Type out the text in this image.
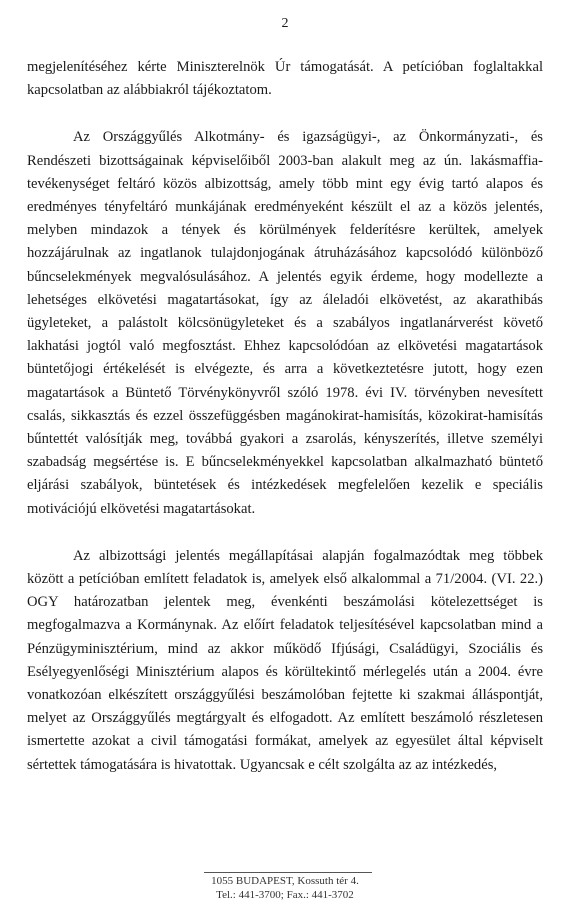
2

megjelenítéséhez kérte Miniszterelnök Úr támogatását. A petícióban foglaltakkal kapcsolatban az alábbiakról tájékoztatom.

Az Országgyűlés Alkotmány- és igazságügyi-, az Önkormányzati-, és Rendészeti bizottságainak képviselőiből 2003-ban alakult meg az ún. lakásmaffia-tevékenységet feltáró közös albizottság, amely több mint egy évig tartó alapos és eredményes tényfeltáró munkájának eredményeként készült el az a közös jelentés, melyben mindazok a tények és körülmények felderítésre kerültek, amelyek hozzájárulnak az ingatlanok tulajdonjogának átruházásához kapcsolódó különböző bűncselekmények megvalósulásához. A jelentés egyik érdeme, hogy modellezte a lehetséges elkövetési magatartásokat, így az áleladói elkövetést, az akarathibás ügyleteket, a palástolt kölcsönügyleteket és a szabályos ingatlanárverést követő lakhatási jogtól való megfosztást. Ehhez kapcsolódóan az elkövetési magatartások büntetőjogi értékelését is elvégezte, és arra a következtetésre jutott, hogy ezen magatartások a Büntető Törvénykönyvről szóló 1978. évi IV. törvényben nevesített csalás, sikkasztás és ezzel összefüggésben magánokirat-hamisítás, közokirat-hamisítás bűntettét valósítják meg, továbbá gyakori a zsarolás, kényszerítés, illetve személyi szabadság megsértése is. E bűncselekményekkel kapcsolatban alkalmazható büntető eljárási szabályok, büntetések és intézkedések megfelelően kezelik e speciális motivációjú elkövetési magatartásokat.

Az albizottsági jelentés megállapításai alapján fogalmazódtak meg többek között a petícióban említett feladatok is, amelyek első alkalommal a 71/2004. (VI. 22.) OGY határozatban jelentek meg, évenkénti beszámolási kötelezettséget is megfogalmazva a Kormánynak. Az előírt feladatok teljesítésével kapcsolatban mind a Pénzügyminisztérium, mind az akkor működő Ifjúsági, Családügyi, Szociális és Esélyegyenlőségi Minisztérium alapos és körültekintő mérlegelés után a 2004. évre vonatkozóan elkészített országgyűlési beszámolóban fejtette ki szakmai álláspontját, melyet az Országgyűlés megtárgyalt és elfogadott. Az említett beszámoló részletesen ismertette azokat a civil támogatási formákat, amelyek az egyesület által képviselt sértettek támogatására is hivatottak. Ugyancsak e célt szolgálta az az intézkedés,

1055 BUDAPEST, Kossuth tér 4.
Tel.: 441-3700; Fax.: 441-3702
